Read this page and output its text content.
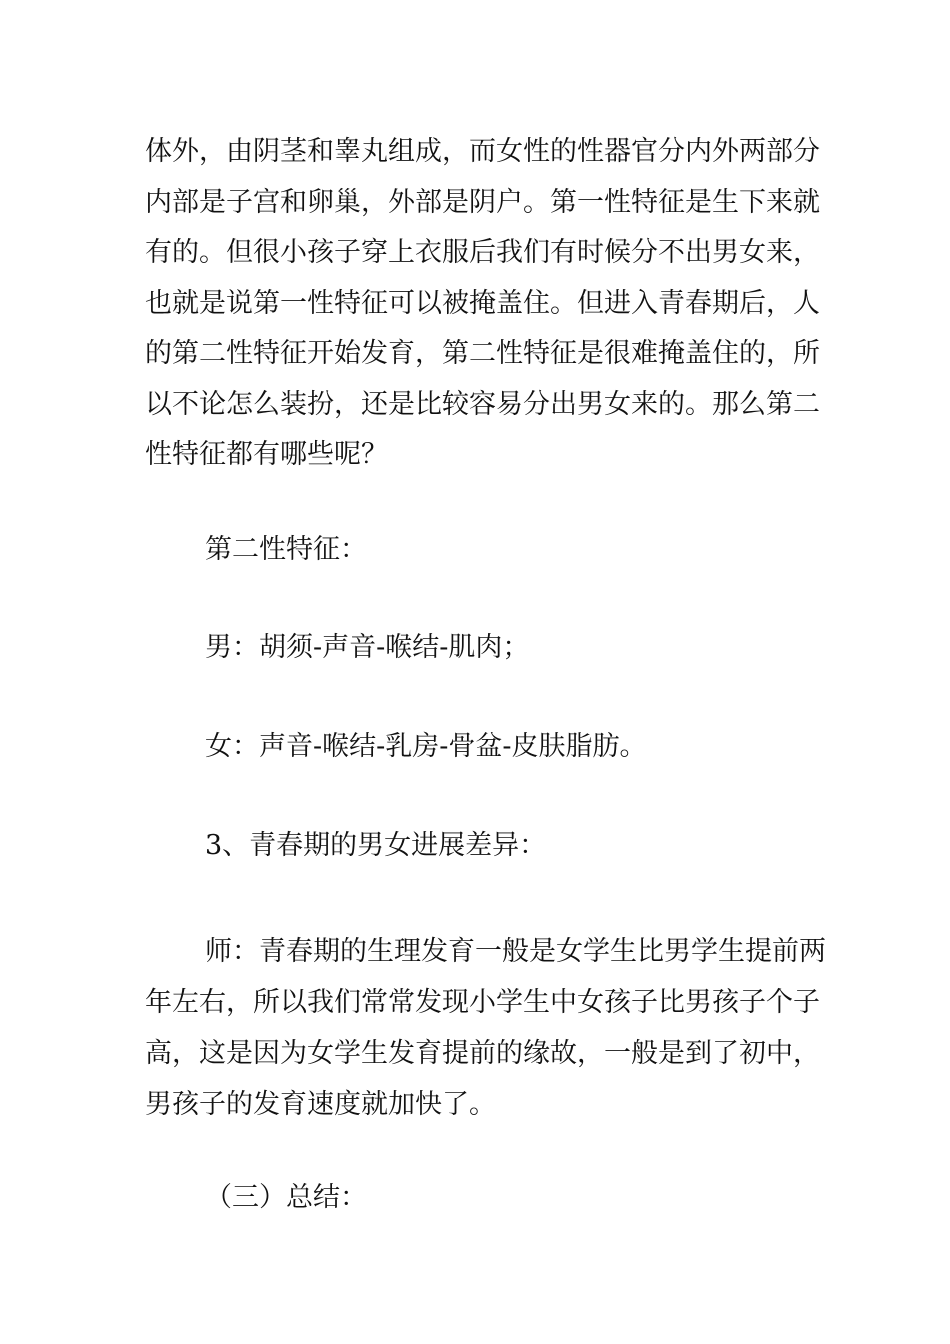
体外，由阴茎和睾丸组成，而女性的性器官分内外两部分
内部是子宫和卵巢，外部是阴户。第一性特征是生下来就
有的。但很小孩子穿上衣服后我们有时候分不出男女来，
也就是说第一性特征可以被掩盖住。但进入青春期后，人
的第二性特征开始发育，第二性特征是很难掩盖住的，所
以不论怎么装扮，还是比较容易分出男女来的。那么第二
性特征都有哪些呢？
第二性特征：
男：胡须-声音-喉结-肌肉；
女：声音-喉结-乳房-骨盆-皮肤脂肪。
3、青春期的男女进展差异：
师：青春期的生理发育一般是女学生比男学生提前两
年左右，所以我们常常发现小学生中女孩子比男孩子个子
高，这是因为女学生发育提前的缘故，一般是到了初中，
男孩子的发育速度就加快了。
（三）总结：
